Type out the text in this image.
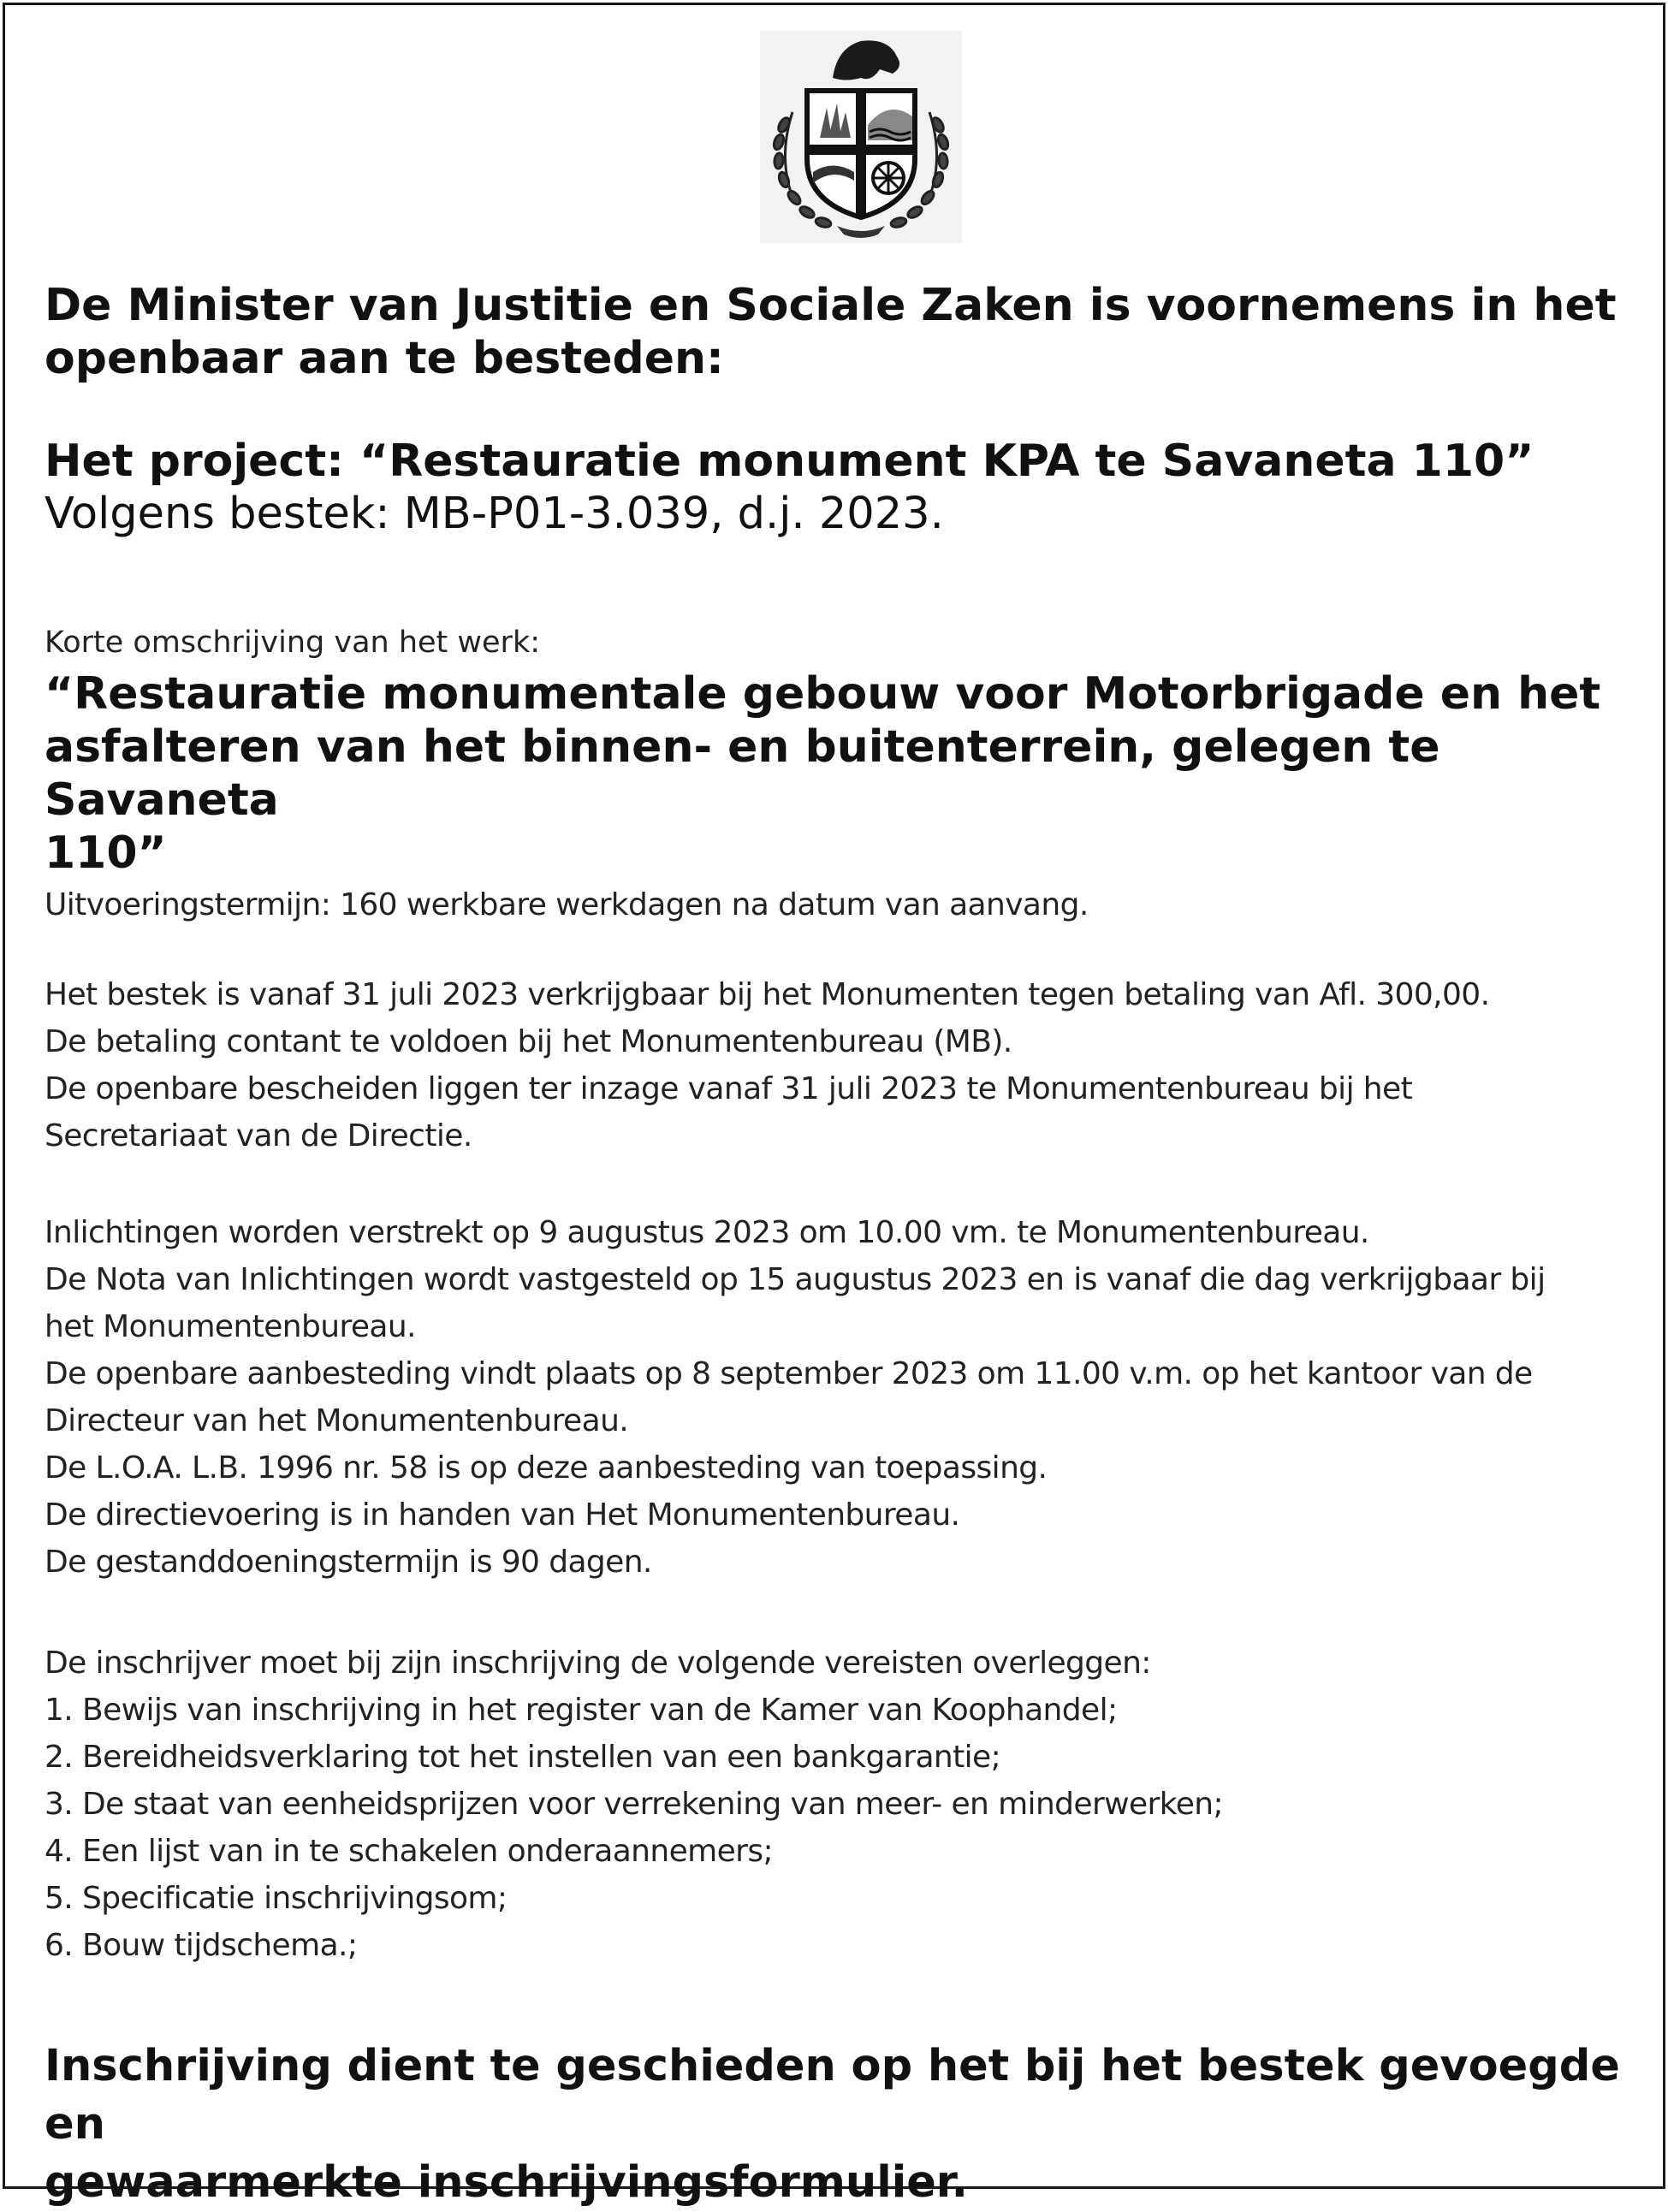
De Minister van Justitie en Sociale Zaken is voornemens in het

openbaar aan te besteden:

Het project: “Restauratie monument KPA te Savaneta 110”

Volgens bestek: MB-P01-3.039, d.j. 2023.

Korte omschrijving van het werk:

“Restauratie monumentale gebouw voor Motorbrigade en het

asfalteren van het binnen- en buitenterrein, gelegen te Savaneta

110”

Uitvoeringstermijn: 160 werkbare werkdagen na datum van aanvang.

Het bestek is vanaf 31 juli 2023 verkrijgbaar bij het Monumenten tegen betaling van Afl. 300,00.

De betaling contant te voldoen bij het Monumentenbureau (MB).

De openbare bescheiden liggen ter inzage vanaf 31 juli 2023 te Monumentenbureau bij het

Secretariaat van de Directie.

Inlichtingen worden verstrekt op 9 augustus 2023 om 10.00 vm. te Monumentenbureau.

De Nota van Inlichtingen wordt vastgesteld op 15 augustus 2023 en is vanaf die dag verkrijgbaar bij

het Monumentenbureau.

De openbare aanbesteding vindt plaats op 8 september 2023 om 11.00 v.m. op het kantoor van de

Directeur van het Monumentenbureau.

De L.O.A. L.B. 1996 nr. 58 is op deze aanbesteding van toepassing.

De directievoering is in handen van Het Monumentenbureau.

De gestanddoeningstermijn is 90 dagen.

De inschrijver moet bij zijn inschrijving de volgende vereisten overleggen:

1. Bewijs van inschrijving in het register van de Kamer van Koophandel;

2. Bereidheidsverklaring tot het instellen van een bankgarantie;

3. De staat van eenheidsprijzen voor verrekening van meer- en minderwerken;

4. Een lijst van in te schakelen onderaannemers;

5. Specificatie inschrijvingsom;

6. Bouw tijdschema.;

Inschrijving dient te geschieden op het bij het bestek gevoegde en

gewaarmerkte inschrijvingsformulier.
